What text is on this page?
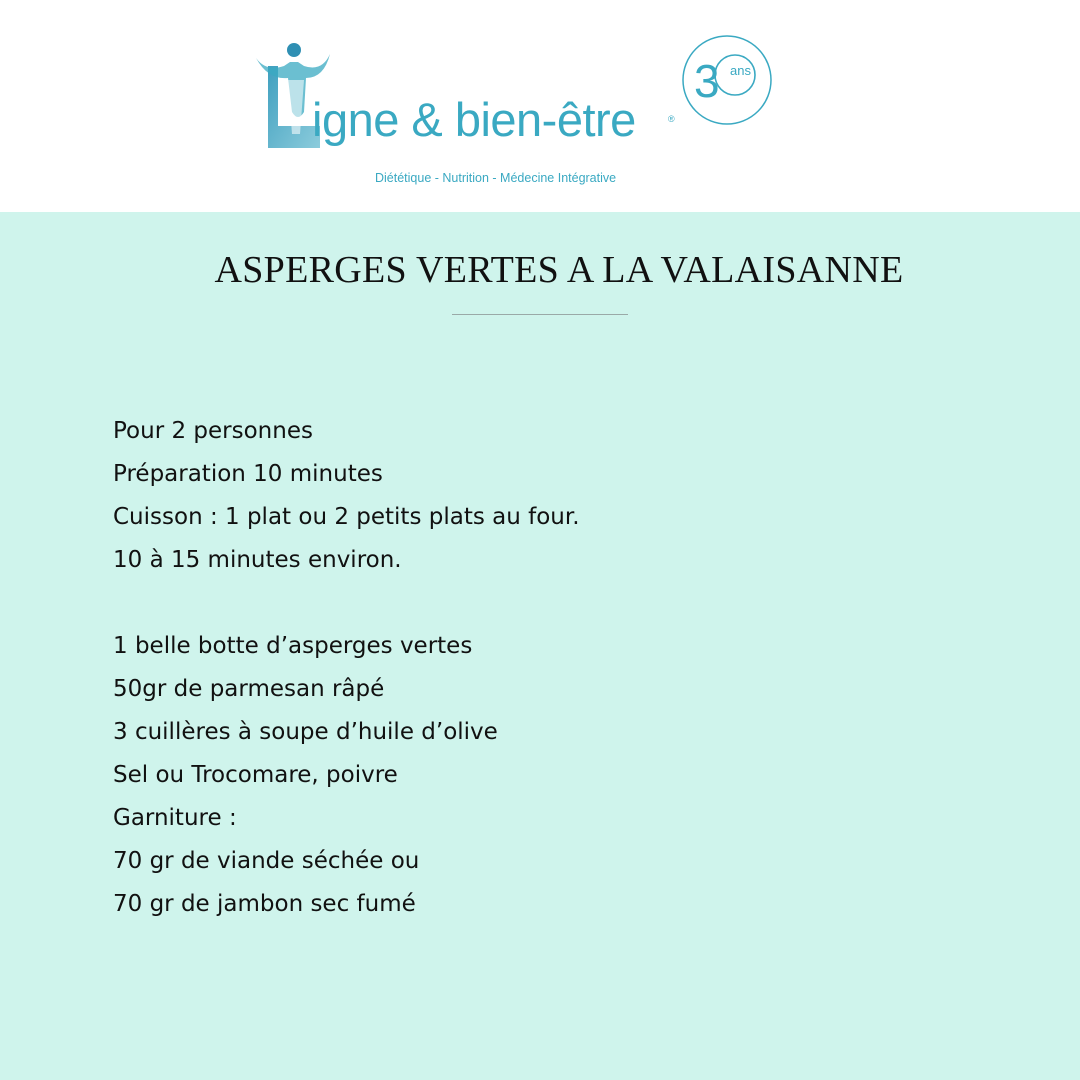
igne & bien-être	®
Diététique - Nutrition - Médecine Intégrative
3 ans
ASPERGES VERTES A LA VALAISANNE

Pour 2 personnes

Préparation 10 minutes

Cuisson : 1 plat ou 2 petits plats au four.

10 à 15 minutes environ.

1 belle botte d’asperges vertes

50gr de parmesan râpé

3 cuillères à soupe d’huile d’olive

Sel ou Trocomare, poivre

Garniture :

70 gr de viande séchée ou

70 gr de jambon sec fumé
